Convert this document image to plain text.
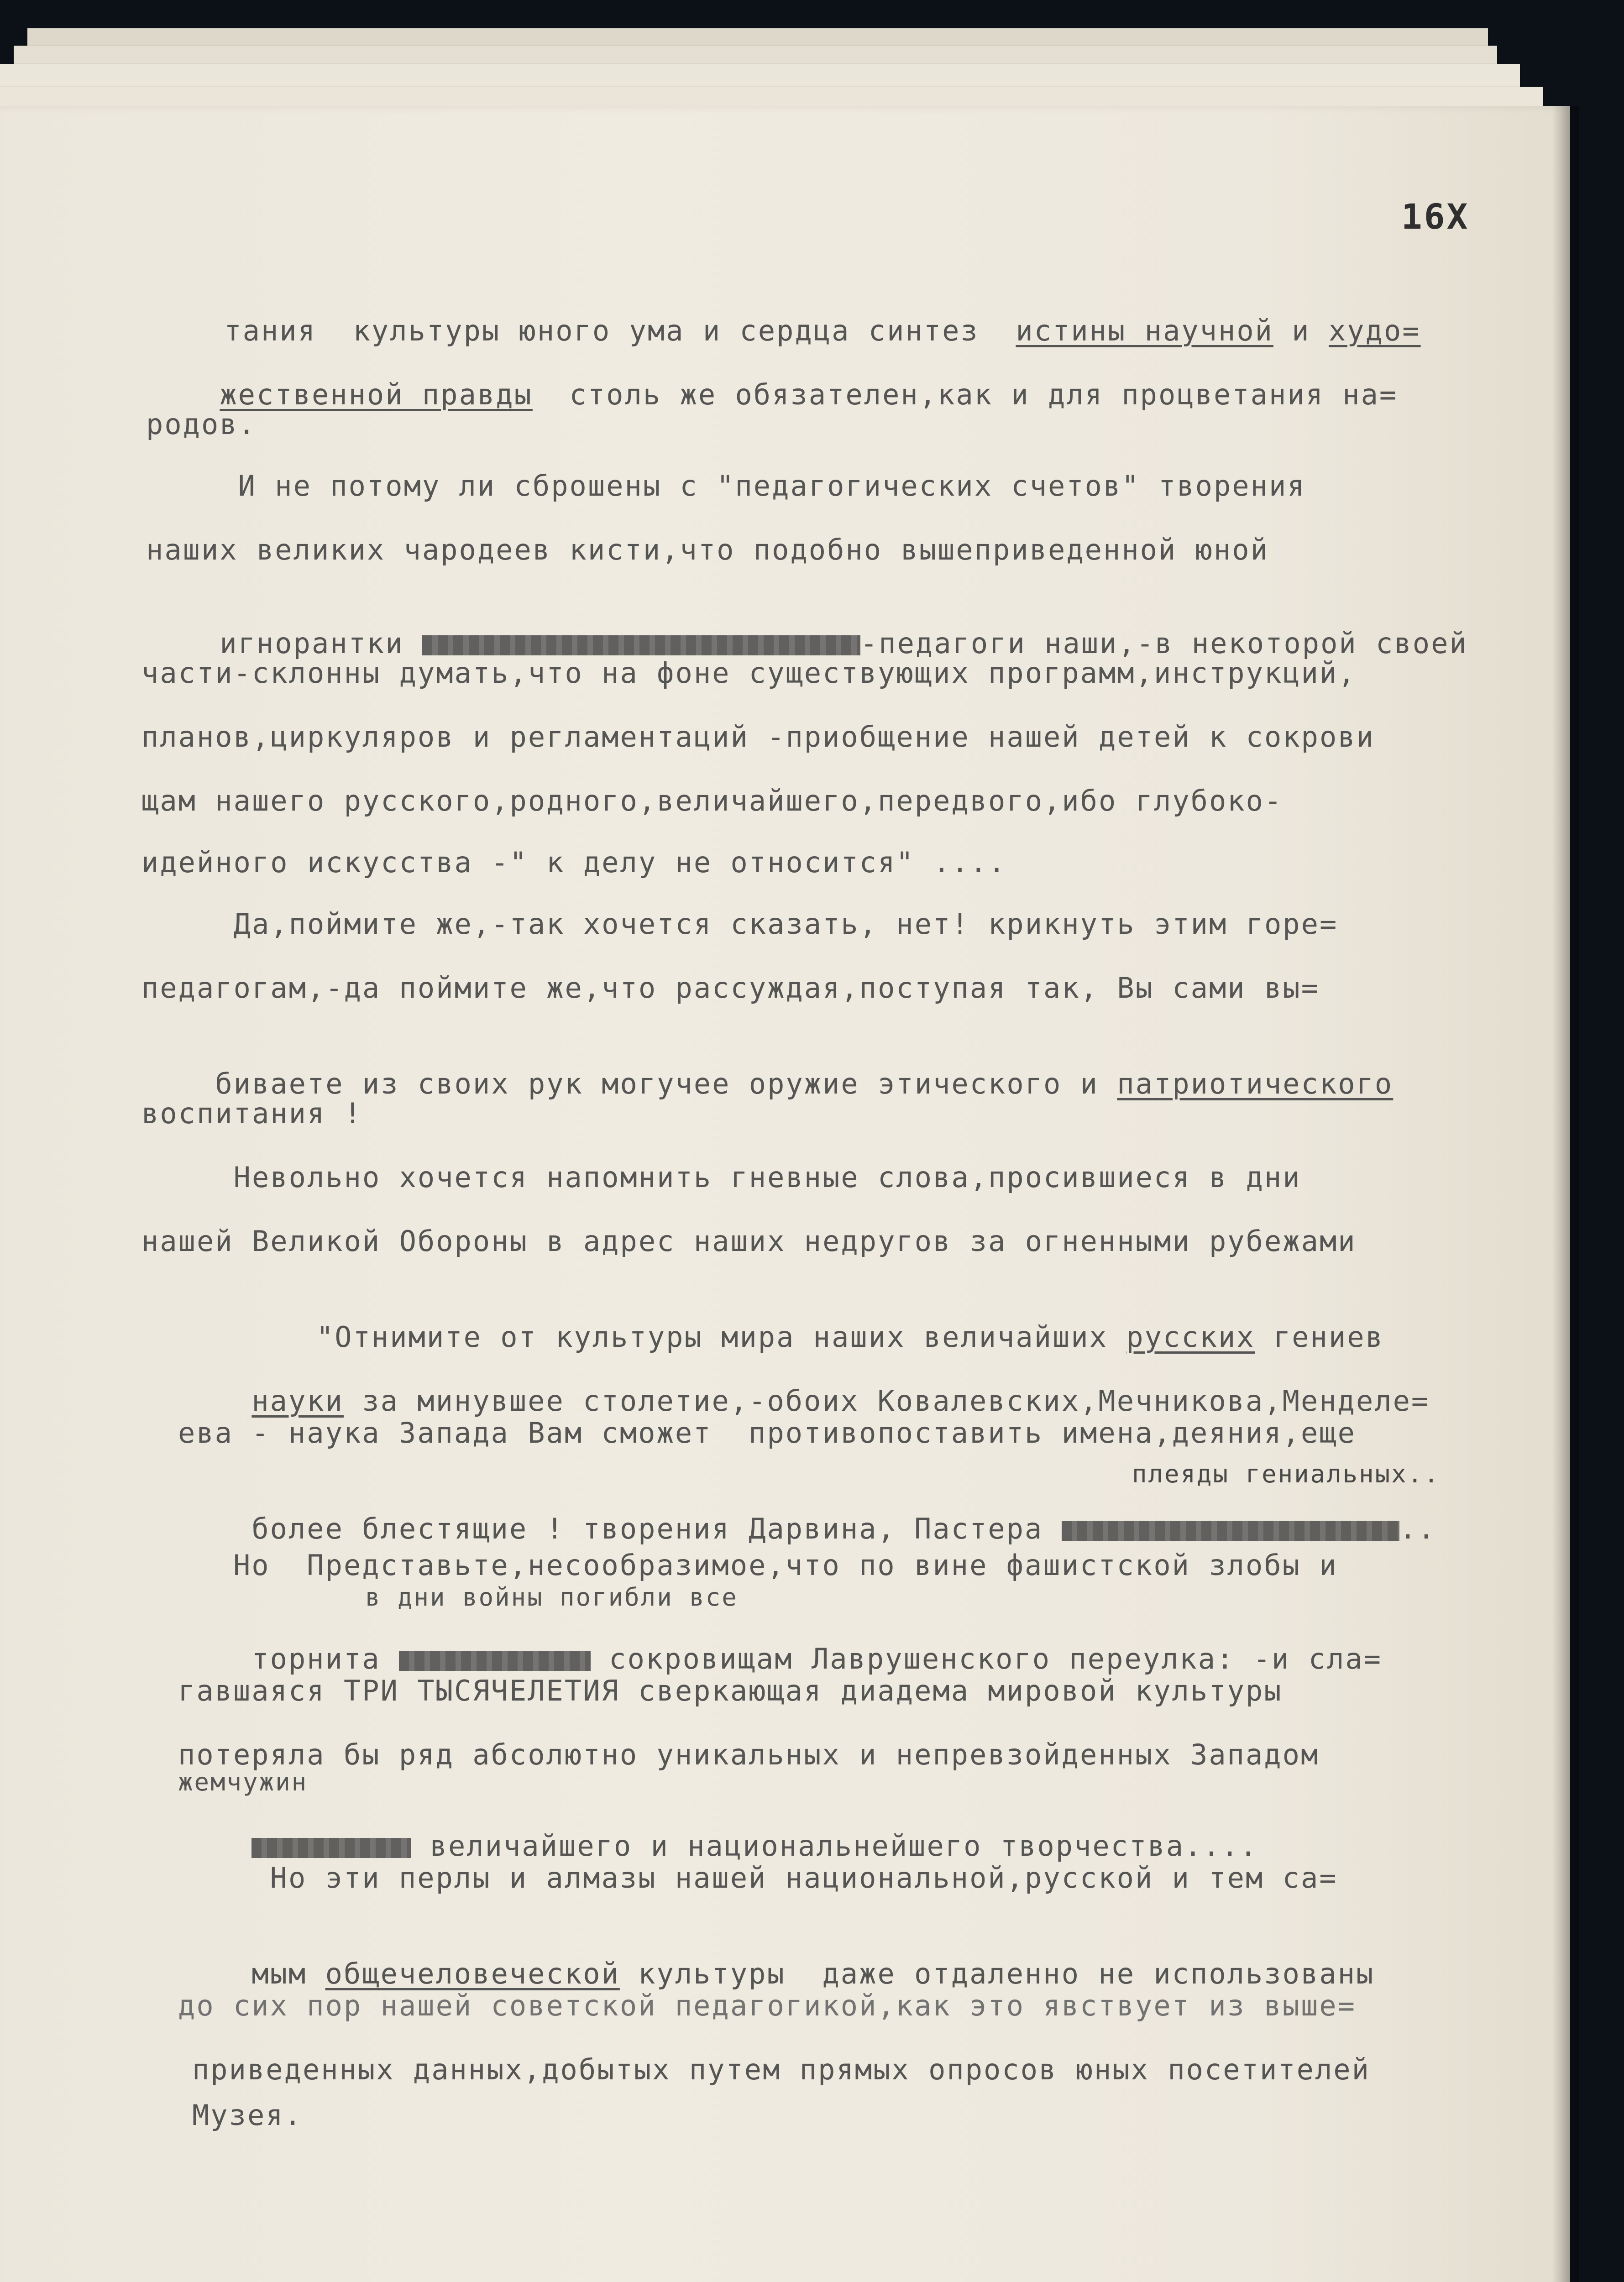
16X

тания  культуры юного ума и сердца синтез  истины научной и худо=

жественной правды  столь же обязателен,как и для процветания на=

родов.
И не потому ли сброшены с "педагогических счетов" творения
наших великих чародеев кисти,что подобно вышеприведенной юной

игнорантки	-педагоги наши,-в некоторой своей

части-склонны думать,что на фоне существующих программ,инструкций,
планов,циркуляров и регламентаций -приобщение нашей детей к сокрови
щам нашего русского,родного,величайшего,передвого,ибо глубоко-
идейного искусства -" к делу не относится" ....
Да,поймите же,-так хочется сказать, нет! крикнуть этим горе=
педагогам,-да поймите же,что рассуждая,поступая так, Вы сами вы=

биваете из своих рук могучее оружие этического и патриотического

воспитания !
Невольно хочется напомнить гневные слова,просившиеся в дни
нашей Великой Обороны в адрес наших недругов за огненными рубежами

"Отнимите от культуры мира наших величайших русских гениев

науки за минувшее столетие,-обоих Ковалевских,Мечникова,Менделе=

ева - наука Запада Вам сможет  противопоставить имена,деяния,еще
плеяды гениальных..

более блестящие ! творения Дарвина, Пастера	..

Но  Представьте,несообразимое,что по вине фашистской злобы и
в дни войны погибли все

торнита	сокровищам Лаврушенского переулка: -и сла=

гавшаяся ТРИ ТЫСЯЧЕЛЕТИЯ сверкающая диадема мировой культуры
потеряла бы ряд абсолютно уникальных и непревзойденных Западом
жемчужин

величайшего и национальнейшего творчества....

Но эти перлы и алмазы нашей национальной,русской и тем са=

мым общечеловеческой культуры  даже отдаленно не использованы

до сих пор нашей советской педагогикой,как это явствует из выше=
приведенных данных,добытых путем прямых опросов юных посетителей
Музея.
